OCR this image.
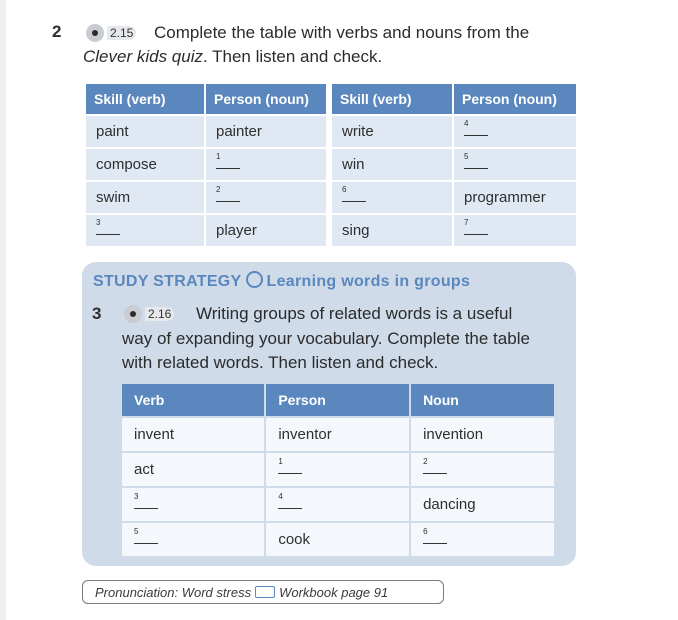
2	2.15 Complete the table with verbs and nouns from the
Clever kids quiz. Then listen and check.
Skill (verb)	Person (noun)		Skill (verb)	Person (noun)
paint	painter		write	4

compose	1		win	5

swim	2		6	programmer

3	player		sing	7
STUDY STRATEGY Learning words in groups
3	2.16 Writing groups of related words is a useful
way of expanding your vocabulary. Complete the table
with related words. Then listen and check.
Verb	Person	Noun
invent	inventor	invention
act	1	2

3	4	dancing

5	cook	6
Pronunciation: Word stress Workbook page 91
